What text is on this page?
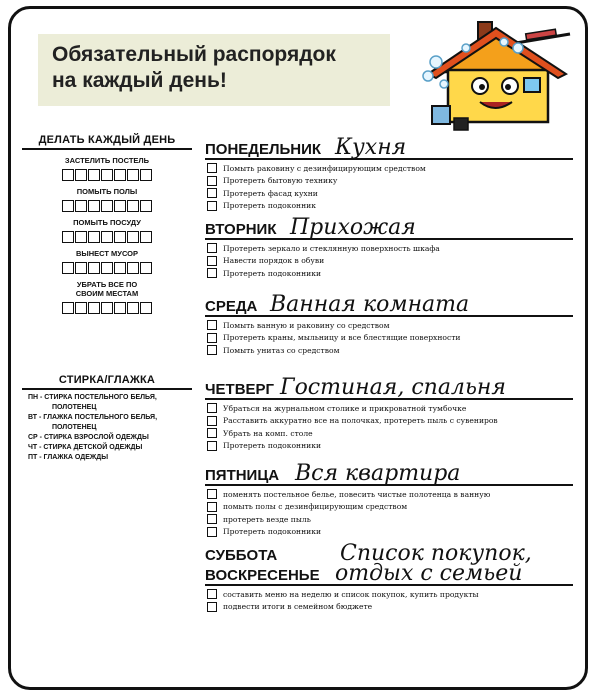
Обязательный распорядок
на каждый день!
ДЕЛАТЬ КАЖДЫЙ ДЕНЬ
ЗАСТЕЛИТЬ ПОСТЕЛЬ
ПОМЫТЬ ПОЛЫ
ПОМЫТЬ ПОСУДУ
ВЫНЕСТ МУСОР
УБРАТЬ ВСЕ ПО СВОИМ МЕСТАМ
СТИРКА/ГЛАЖКА
ПН - СТИРКА ПОСТЕЛЬНОГО БЕЛЬЯ,
ПОЛОТЕНЕЦ
ВТ - ГЛАЖКА ПОСТЕЛЬНОГО БЕЛЬЯ,
ПОЛОТЕНЕЦ
СР - СТИРКА ВЗРОСЛОЙ ОДЕЖДЫ
ЧТ - СТИРКА ДЕТСКОЙ ОДЕЖДЫ
ПТ - ГЛАЖКА ОДЕЖДЫ
ПОНЕДЕЛЬНИК Кухня
Помыть раковину с дезинфицирующим средством
Протереть бытовую технику
Протереть фасад кухни
Протереть подоконник
ВТОРНИК Прихожая
Протереть зеркало и стеклянную поверхность шкафа
Навести порядок в обуви
Протереть подоконники
СРЕДА Ванная комната
Помыть ванную и раковину со средством
Протереть краны, мыльницу и все блестящие поверхности
Помыть унитаз со средством
ЧЕТВЕРГ Гостиная, спальня
Убраться на журнальном столике и прикроватной тумбочке
Расставить аккуратно все на полочках, протереть пыль с сувениров
Убрать на комп. столе
Протереть подоконники
ПЯТНИЦА Вся квартира
поменять постельное белье, повесить чистые полотенца в ванную
помыть полы с дезинфицирующим средством
протереть везде пыль
Протереть подоконники
СУББОТА
ВОСКРЕСЕНЬЕ
Список покупок,
отдых с семьей
составить меню на неделю и список покупок, купить продукты
подвести итоги в семейном бюджете
